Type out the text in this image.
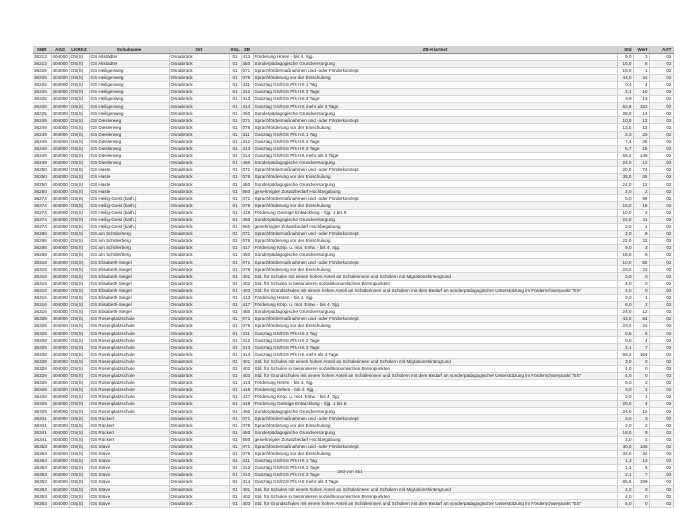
SNR	AGS	LKRKZ	Schulname	Ort	SGL	ZB	ZB-Klartext	Std	Wert	ArtT
36213	404000	OS(S)	GS Altstädter	Osnabrück	01	413	Förderung Hören - bis 4. Sjg.	9,0	3	02
36213	404000	OS(S)	GS Altstädter	Osnabrück	01	450	Sonderpädagogische Grundversorgung	15,0	8	02
36225	404000	OS(S)	GS Heiligenweg	Osnabrück	01	071	Sprachfördermaßnahmen und -oder Förderkonzept	18,0	1	02
36225	404000	OS(S)	GS Heiligenweg	Osnabrück	01	076	Sprachförderung vor der Einschulung	44,0	44	02
36225	404000	OS(S)	GS Heiligenweg	Osnabrück	01	311	Ganztag GS/IGS Pfs HS 1 Tag	0,4	4	02
36225	404000	OS(S)	GS Heiligenweg	Osnabrück	01	312	Ganztag GS/IGS Pfs HS 2 Tage	2,1	10	02
36225	404000	OS(S)	GS Heiligenweg	Osnabrück	01	313	Ganztag GS/IGS Pfs HS 3 Tage	3,9	13	02
36225	404000	OS(S)	GS Heiligenweg	Osnabrück	01	314	Ganztag GS/IGS Pfs HS mehr als 3 Tage	62,8	152	02
36225	404000	OS(S)	GS Heiligenweg	Osnabrück	01	450	Sonderpädagogische Grundversorgung	28,0	14	02
36249	404000	OS(S)	GS Dieslerweg	Osnabrück	01	071	Sprachfördermaßnahmen und -oder Förderkonzept	10,0	13	02
36249	404000	OS(S)	GS Dieslerweg	Osnabrück	01	076	Sprachförderung vor der Einschulung	13,0	13	02
36249	404000	OS(S)	GS Dieslerweg	Osnabrück	01	311	Ganztag GS/IGS Pfs HS 1 Tag	2,3	23	02
36249	404000	OS(S)	GS Dieslerweg	Osnabrück	01	312	Ganztag GS/IGS Pfs HS 2 Tage	7,4	36	02
36249	404000	OS(S)	GS Dieslerweg	Osnabrück	01	313	Ganztag GS/IGS Pfs HS 3 Tage	5,7	19	02
36249	404000	OS(S)	GS Dieslerweg	Osnabrück	01	314	Ganztag GS/IGS Pfs HS mehr als 3 Tage	59,2	146	02
36249	404000	OS(S)	GS Dieslerweg	Osnabrück	01	450	Sonderpädagogische Grundversorgung	24,0	12	02
36250	404000	OS(S)	GS Haste	Osnabrück	01	071	Sprachfördermaßnahmen und -oder Förderkonzept	20,0	74	02
36250	404000	OS(S)	GS Haste	Osnabrück	01	076	Sprachförderung vor der Einschulung	35,0	35	02
36250	404000	OS(S)	GS Haste	Osnabrück	01	450	Sonderpädagogische Grundversorgung	24,0	12	02
36250	404000	OS(S)	GS Haste	Osnabrück	01	550	genehmigter Zusatzbedarf Hochbegabung	2,0	2	02
36274	404000	OS(S)	GS Heilig-Geist (kath.)	Osnabrück	01	071	Sprachfördermaßnahmen und -oder Förderkonzept	5,0	99	02
36274	404000	OS(S)	GS Heilig-Geist (kath.)	Osnabrück	01	076	Sprachförderung vor der Einschulung	16,0	16	02
36274	404000	OS(S)	GS Heilig-Geist (kath.)	Osnabrück	01	419	Förderung Geistige Entwicklung - Sjg. 1 bis 8	10,0	2	02
36274	404000	OS(S)	GS Heilig-Geist (kath.)	Osnabrück	01	450	Sonderpädagogische Grundversorgung	22,0	11	02
36274	404000	OS(S)	GS Heilig-Geist (kath.)	Osnabrück	01	550	genehmigter Zusatzbedarf Hochbegabung	2,0	1	02
36286	404000	OS(S)	GS am Schölerberg	Osnabrück	01	071	Sprachfördermaßnahmen und -oder Förderkonzept	2,0	8	02
36286	404000	OS(S)	GS am Schölerberg	Osnabrück	01	076	Sprachförderung vor der Einschulung	22,0	22	02
36286	404000	OS(S)	GS am Schölerberg	Osnabrück	01	417	Förderung Körp. u. mot. Entw. - bis 4. Sjg.	9,0	3	02
36286	404000	OS(S)	GS am Schölerberg	Osnabrück	01	450	Sonderpädagogische Grundversorgung	16,0	8	02
36316	404000	OS(S)	GS Elisabeth-Siegel	Osnabrück	01	071	Sprachfördermaßnahmen und -oder Förderkonzept	10,0	82	02
36316	404000	OS(S)	GS Elisabeth-Siegel	Osnabrück	01	076	Sprachförderung vor der Einschulung	23,0	23	02
36316	404000	OS(S)	GS Elisabeth-Siegel	Osnabrück	01	401	Std. für Schulen mit einem hohen Anteil an Schülerinnen und Schülern mit Migrationshintergrund	3,0	0	02
36316	404000	OS(S)	GS Elisabeth-Siegel	Osnabrück	01	402	Std. für Schulen in besonderen sozialökonomischen Brennpunkten	4,0	0	02
36316	404000	OS(S)	GS Elisabeth-Siegel	Osnabrück	01	403	Std. für Grundschulen mit einem hohen Anteil an Schülerinnen und Schülern mit dem Bedarf an sonderpädagogischer Unterstützung im Förderschwerpunkt "ES"	4,0	0	02
36316	404000	OS(S)	GS Elisabeth-Siegel	Osnabrück	01	413	Förderung Hören - bis 4. Sjg.	3,0	1	02
36316	404000	OS(S)	GS Elisabeth-Siegel	Osnabrück	01	417	Förderung Körp. u. mot. Entw. - bis 4. Sjg.	6,0	2	02
36316	404000	OS(S)	GS Elisabeth-Siegel	Osnabrück	01	450	Sonderpädagogische Grundversorgung	24,0	12	02
36328	404000	OS(S)	GS Rosenplatzschule	Osnabrück	01	071	Sprachfördermaßnahmen und -oder Förderkonzept	42,0	84	02
36328	404000	OS(S)	GS Rosenplatzschule	Osnabrück	01	076	Sprachförderung vor der Einschulung	23,0	23	02
36328	404000	OS(S)	GS Rosenplatzschule	Osnabrück	01	311	Ganztag GS/IGS Pfs HS 1 Tag	0,6	6	02
36328	404000	OS(S)	GS Rosenplatzschule	Osnabrück	01	312	Ganztag GS/IGS Pfs HS 2 Tage	0,8	4	02
36328	404000	OS(S)	GS Rosenplatzschule	Osnabrück	01	313	Ganztag GS/IGS Pfs HS 3 Tage	2,1	7	02
36328	404000	OS(S)	GS Rosenplatzschule	Osnabrück	01	314	Ganztag GS/IGS Pfs HS mehr als 3 Tage	69,2	164	02
36328	404000	OS(S)	GS Rosenplatzschule	Osnabrück	01	401	Std. für Schulen mit einem hohen Anteil an Schülerinnen und Schülern mit Migrationshintergrund	3,0	0	02
36328	404000	OS(S)	GS Rosenplatzschule	Osnabrück	01	402	Std. für Schulen in besonderen sozialökonomischen Brennpunkten	4,0	0	02
36328	404000	OS(S)	GS Rosenplatzschule	Osnabrück	01	403	Std. für Grundschulen mit einem hohen Anteil an Schülerinnen und Schülern mit dem Bedarf an sonderpädagogischer Unterstützung im Förderschwerpunkt "ES"	4,0	0	02
36328	404000	OS(S)	GS Rosenplatzschule	Osnabrück	01	413	Förderung Hören - bis 4. Sjg.	9,0	3	02
36328	404000	OS(S)	GS Rosenplatzschule	Osnabrück	01	415	Förderung Sehen - bis 4. Sjg.	3,0	1	02
36328	404000	OS(S)	GS Rosenplatzschule	Osnabrück	01	417	Förderung Körp. u. mot. Entw. - bis 4. Sjg.	3,0	1	02
36328	404000	OS(S)	GS Rosenplatzschule	Osnabrück	01	419	Förderung Geistige Entwicklung - Sjg. 1 bis 8	20,0	4	02
36328	404000	OS(S)	GS Rosenplatzschule	Osnabrück	01	450	Sonderpädagogische Grundversorgung	24,0	12	02
36341	404000	OS(S)	GS Rückert	Osnabrück	01	071	Sprachfördermaßnahmen und -oder Förderkonzept	3,0	3	02
36341	404000	OS(S)	GS Rückert	Osnabrück	01	076	Sprachförderung vor der Einschulung	2,0	2	02
36341	404000	OS(S)	GS Rückert	Osnabrück	01	450	Sonderpädagogische Grundversorgung	18,0	9	02
36341	404000	OS(S)	GS Rückert	Osnabrück	01	550	genehmigter Zusatzbedarf Hochbegabung	2,0	2	02
36353	404000	OS(S)	GS Stüve	Osnabrück	01	071	Sprachfördermaßnahmen und -oder Förderkonzept	30,0	145	02
36353	404000	OS(S)	GS Stüve	Osnabrück	01	076	Sprachförderung vor der Einschulung	32,0	32	02
36353	404000	OS(S)	GS Stüve	Osnabrück	01	311	Ganztag GS/IGS Pfs HS 1 Tag	1,3	13	02
36353	404000	OS(S)	GS Stüve	Osnabrück	01	312	Ganztag GS/IGS Pfs HS 2 Tage	1,2	5	02
36353	404000	OS(S)	GS Stüve	Osnabrück	01	313	Ganztag GS/IGS Pfs HS 3 Tage	2,1	7	02
36353	404000	OS(S)	GS Stüve	Osnabrück	01	314	Ganztag GS/IGS Pfs HS mehr als 3 Tage	85,6	199	02
36353	404000	OS(S)	GS Stüve	Osnabrück	01	401	Std. für Schulen mit einem hohen Anteil an Schülerinnen und Schülern mit Migrationshintergrund	4,0	0	02
36353	404000	OS(S)	GS Stüve	Osnabrück	01	402	Std. für Schulen in besonderen sozialökonomischen Brennpunkten	4,0	0	02
36353	404000	OS(S)	GS Stüve	Osnabrück	01	403	Std. für Grundschulen mit einem hohen Anteil an Schülerinnen und Schülern mit dem Bedarf an sonderpädagogischer Unterstützung im Förderschwerpunkt "ES"	5,0	0	02
283 von 451
